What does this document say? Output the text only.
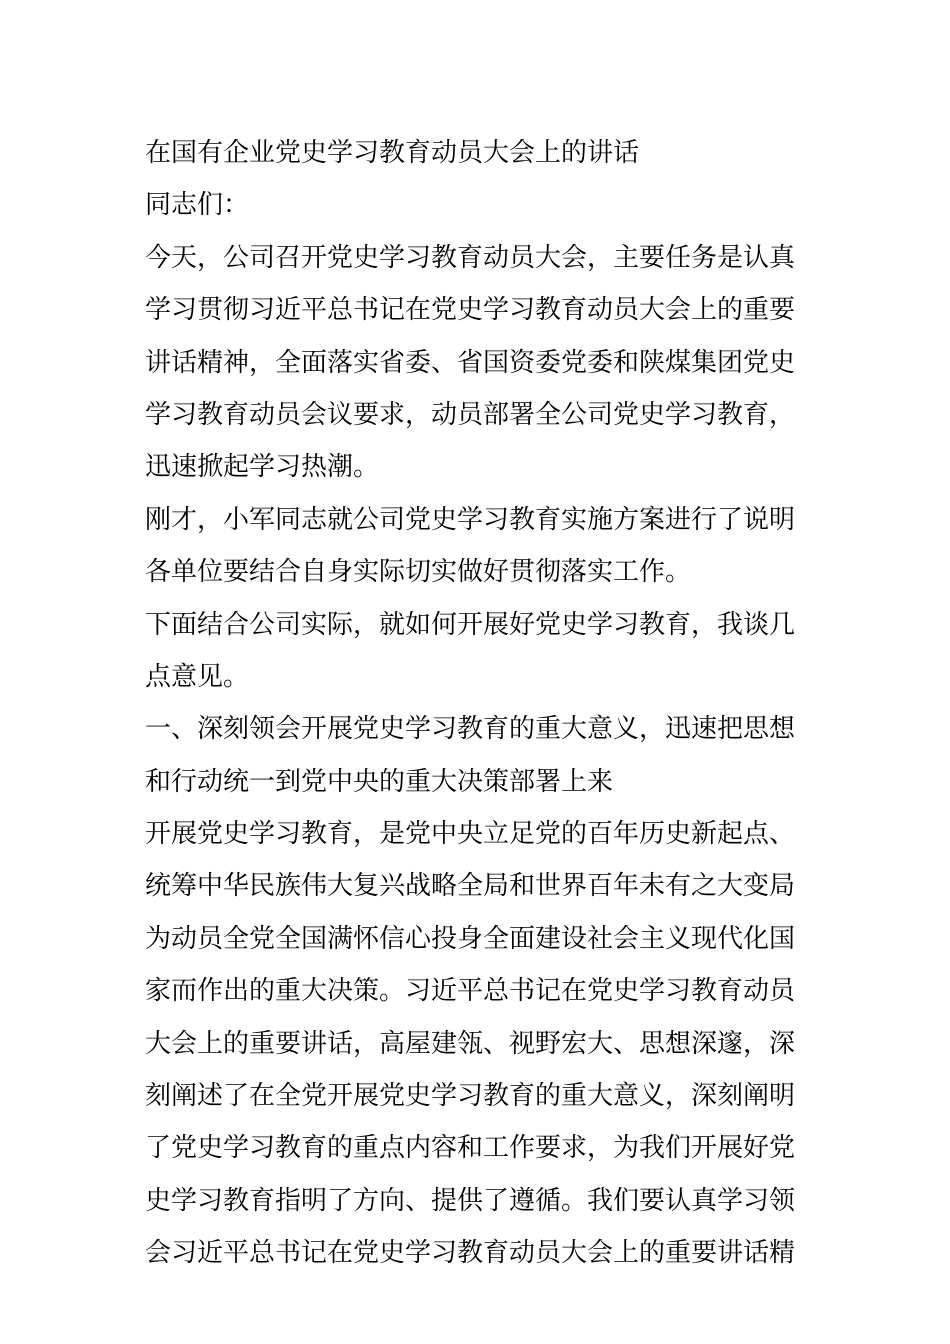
在国有企业党史学习教育动员大会上的讲话
同志们：
今天，公司召开党史学习教育动员大会，主要任务是认真
学习贯彻习近平总书记在党史学习教育动员大会上的重要
讲话精神，全面落实省委、省国资委党委和陕煤集团党史
学习教育动员会议要求，动员部署全公司党史学习教育，
迅速掀起学习热潮。
刚才，小军同志就公司党史学习教育实施方案进行了说明
各单位要结合自身实际切实做好贯彻落实工作。
下面结合公司实际，就如何开展好党史学习教育，我谈几
点意见。
一、深刻领会开展党史学习教育的重大意义，迅速把思想
和行动统一到党中央的重大决策部署上来
开展党史学习教育，是党中央立足党的百年历史新起点、
统筹中华民族伟大复兴战略全局和世界百年未有之大变局
为动员全党全国满怀信心投身全面建设社会主义现代化国
家而作出的重大决策。习近平总书记在党史学习教育动员
大会上的重要讲话，高屋建瓴、视野宏大、思想深邃，深
刻阐述了在全党开展党史学习教育的重大意义，深刻阐明
了党史学习教育的重点内容和工作要求，为我们开展好党
史学习教育指明了方向、提供了遵循。我们要认真学习领
会习近平总书记在党史学习教育动员大会上的重要讲话精
